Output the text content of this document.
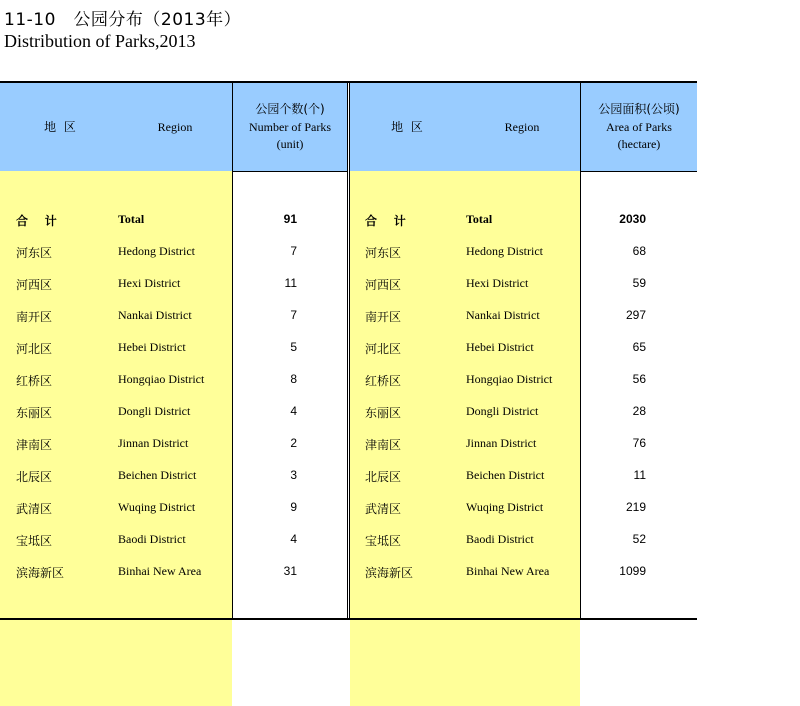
11-10　公园分布（2013年）
Distribution of Parks,2013
地  区	Region
公园个数(个)
Number of Parks
(unit)
合    计	Total	91
河东区	Hedong District	7
河西区	Hexi District	11
南开区	Nankai District	7
河北区	Hebei District	5
红桥区	Hongqiao District	8
东丽区	Dongli District	4
津南区	Jinnan District	2
北辰区	Beichen District	3
武清区	Wuqing District	9
宝坻区	Baodi District	4
滨海新区	Binhai New Area	31
地  区	Region
公园面积(公顷)
Area of Parks
(hectare)
合    计	Total	2030
河东区	Hedong District	68
河西区	Hexi District	59
南开区	Nankai District	297
河北区	Hebei District	65
红桥区	Hongqiao District	56
东丽区	Dongli District	28
津南区	Jinnan District	76
北辰区	Beichen District	11
武清区	Wuqing District	219
宝坻区	Baodi District	52
滨海新区	Binhai New Area	1099
